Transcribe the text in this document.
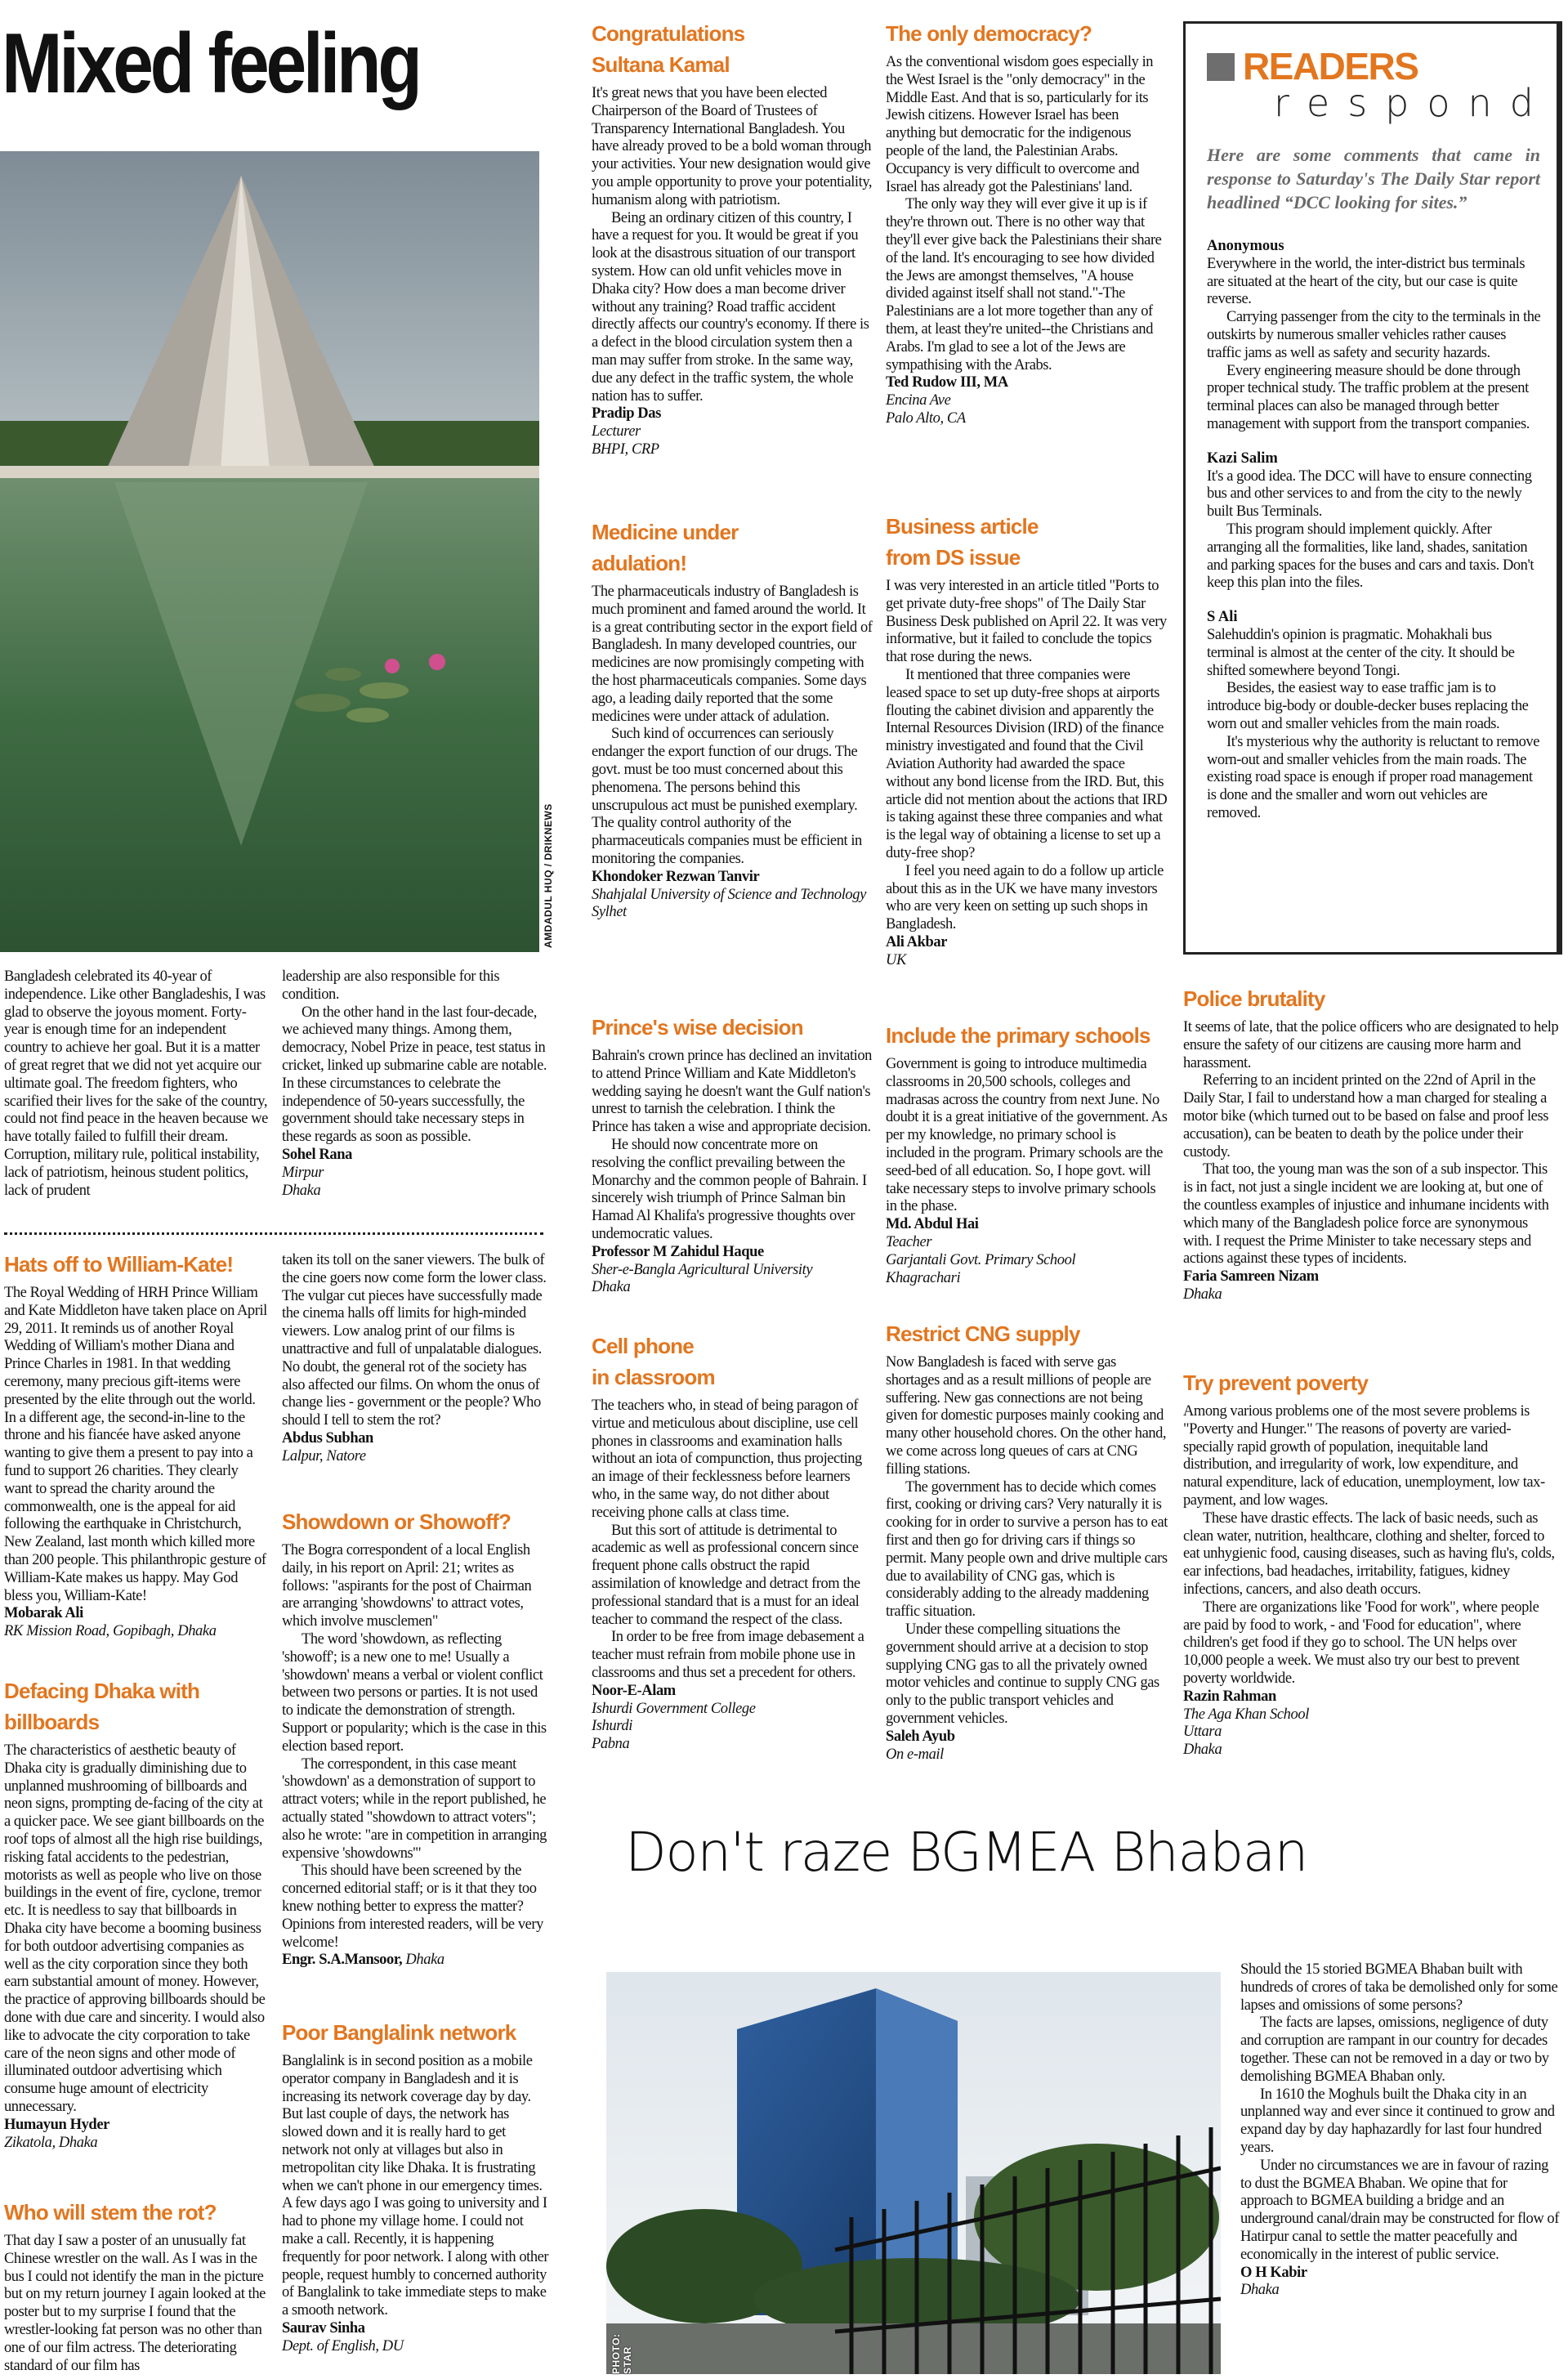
Mixed feeling
AMDADUL HUQ / DRIKNEWS

Bangladesh celebrated its 40-year of independence. Like other Bangladeshis, I was glad to observe the joyous moment. Forty-year is enough time for an independent country to achieve her goal. But it is a matter of great regret that we did not yet acquire our ultimate goal. The freedom fighters, who scarified their lives for the sake of the country, could not find peace in the heaven because we have totally failed to fulfill their dream. Corruption, military rule, political instability, lack of patriotism, heinous student politics, lack of prudent

leadership are also responsible for this condition.

On the other hand in the last four-decade, we achieved many things. Among them, democracy, Nobel Prize in peace, test status in cricket, linked up submarine cable are notable. In these circumstances to celebrate the independence of 50-years successfully, the government should take necessary steps in these regards as soon as possible.

Sohel Rana
Mirpur
Dhaka
Hats off to William-Kate!

The Royal Wedding of HRH Prince William and Kate Middleton have taken place on April 29, 2011. It reminds us of another Royal Wedding of William's mother Diana and Prince Charles in 1981. In that wedding ceremony, many precious gift-items were presented by the elite through out the world. In a different age, the second-in-line to the throne and his fiancée have asked anyone wanting to give them a present to pay into a fund to support 26 charities. They clearly want to spread the charity around the commonwealth, one is the appeal for aid following the earthquake in Christchurch, New Zealand, last month which killed more than 200 people. This philanthropic gesture of William-Kate makes us happy. May God bless you, William-Kate!

Mobarak Ali
RK Mission Road, Gopibagh, Dhaka
Defacing Dhaka with
billboards

The characteristics of aesthetic beauty of Dhaka city is gradually diminishing due to unplanned mushrooming of billboards and neon signs, prompting de-facing of the city at a quicker pace. We see giant billboards on the roof tops of almost all the high rise buildings, risking fatal accidents to the pedestrian, motorists as well as people who live on those buildings in the event of fire, cyclone, tremor etc. It is needless to say that billboards in Dhaka city have become a booming business for both outdoor advertising companies as well as the city corporation since they both earn substantial amount of money. However, the practice of approving billboards should be done with due care and sincerity. I would also like to advocate the city corporation to take care of the neon signs and other mode of illuminated outdoor advertising which consume huge amount of electricity unnecessary.

Humayun Hyder
Zikatola, Dhaka
Who will stem the rot?

That day I saw a poster of an unusually fat Chinese wrestler on the wall. As I was in the bus I could not identify the man in the picture but on my return journey I again looked at the poster but to my surprise I found that the wrestler-looking fat person was no other than one of our film actress. The deteriorating standard of our film has

taken its toll on the saner viewers. The bulk of the cine goers now come form the lower class. The vulgar cut pieces have successfully made the cinema halls off limits for high-minded viewers. Low analog print of our films is unattractive and full of unpalatable dialogues. No doubt, the general rot of the society has also affected our films. On whom the onus of change lies - government or the people? Who should I tell to stem the rot?

Abdus Subhan
Lalpur, Natore
Showdown or Showoff?

The Bogra correspondent of a local English daily, in his report on April: 21; writes as follows: "aspirants for the post of Chairman are arranging 'showdowns' to attract votes, which involve musclemen"

The word 'showdown, as reflecting 'showoff'; is a new one to me! Usually a 'showdown' means a verbal or violent conflict between two persons or parties. It is not used to indicate the demonstration of strength. Support or popularity; which is the case in this election based report.

The correspondent, in this case meant 'showdown' as a demonstration of support to attract voters; while in the report published, he actually stated "showdown to attract voters"; also he wrote: "are in competition in arranging expensive 'showdowns'"

This should have been screened by the concerned editorial staff; or is it that they too knew nothing better to express the matter? Opinions from interested readers, will be very welcome!

Engr. S.A.Mansoor, Dhaka
Poor Banglalink network

Banglalink is in second position as a mobile operator company in Bangladesh and it is increasing its network coverage day by day. But last couple of days, the network has slowed down and it is really hard to get network not only at villages but also in metropolitan city like Dhaka. It is frustrating when we can't phone in our emergency times. A few days ago I was going to university and I had to phone my village home. I could not make a call. Recently, it is happening frequently for poor network. I along with other people, request humbly to concerned authority of Banglalink to take immediate steps to make a smooth network.

Saurav Sinha
Dept. of English, DU
Congratulations
Sultana Kamal

It's great news that you have been elected Chairperson of the Board of Trustees of Transparency International Bangladesh. You have already proved to be a bold woman through your activities. Your new designation would give you ample opportunity to prove your potentiality, humanism along with patriotism.

Being an ordinary citizen of this country, I have a request for you. It would be great if you look at the disastrous situation of our transport system. How can old unfit vehicles move in Dhaka city? How does a man become driver without any training? Road traffic accident directly affects our country's economy. If there is a defect in the blood circulation system then a man may suffer from stroke. In the same way, due any defect in the traffic system, the whole nation has to suffer.

Pradip Das
Lecturer
BHPI, CRP
Medicine under
adulation!

The pharmaceuticals industry of Bangladesh is much prominent and famed around the world. It is a great contributing sector in the export field of Bangladesh. In many developed countries, our medicines are now promisingly competing with the host pharmaceuticals companies. Some days ago, a leading daily reported that the some medicines were under attack of adulation.

Such kind of occurrences can seriously endanger the export function of our drugs. The govt. must be too must concerned about this phenomena. The persons behind this unscrupulous act must be punished exemplary. The quality control authority of the pharmaceuticals companies must be efficient in monitoring the companies.

Khondoker Rezwan Tanvir
Shahjalal University of Science and Technology
Sylhet
Prince's wise decision

Bahrain's crown prince has declined an invitation to attend Prince William and Kate Middleton's wedding saying he doesn't want the Gulf nation's unrest to tarnish the celebration. I think the Prince has taken a wise and appropriate decision.

He should now concentrate more on resolving the conflict prevailing between the Monarchy and the common people of Bahrain. I sincerely wish triumph of Prince Salman bin Hamad Al Khalifa's progressive thoughts over undemocratic values.

Professor M Zahidul Haque
Sher-e-Bangla Agricultural University
Dhaka
Cell phone
in classroom

The teachers who, in stead of being paragon of virtue and meticulous about discipline, use cell phones in classrooms and examination halls without an iota of compunction, thus projecting an image of their fecklessness before learners who, in the same way, do not dither about receiving phone calls at class time.

But this sort of attitude is detrimental to academic as well as professional concern since frequent phone calls obstruct the rapid assimilation of knowledge and detract from the professional standard that is a must for an ideal teacher to command the respect of the class.

In order to be free from image debasement a teacher must refrain from mobile phone use in classrooms and thus set a precedent for others.

Noor-E-Alam
Ishurdi Government College
Ishurdi
Pabna
The only democracy?

As the conventional wisdom goes especially in the West Israel is the "only democracy" in the Middle East. And that is so, particularly for its Jewish citizens. However Israel has been anything but democratic for the indigenous people of the land, the Palestinian Arabs. Occupancy is very difficult to overcome and Israel has already got the Palestinians' land.

The only way they will ever give it up is if they're thrown out. There is no other way that they'll ever give back the Palestinians their share of the land. It's encouraging to see how divided the Jews are amongst themselves, "A house divided against itself shall not stand."-The Palestinians are a lot more together than any of them, at least they're united--the Christians and Arabs. I'm glad to see a lot of the Jews are sympathising with the Arabs.

Ted Rudow III, MA
Encina Ave
Palo Alto, CA
Business article
from DS issue

I was very interested in an article titled "Ports to get private duty-free shops" of The Daily Star Business Desk published on April 22. It was very informative, but it failed to conclude the topics that rose during the news.

It mentioned that three companies were leased space to set up duty-free shops at airports flouting the cabinet division and apparently the Internal Resources Division (IRD) of the finance ministry investigated and found that the Civil Aviation Authority had awarded the space without any bond license from the IRD. But, this article did not mention about the actions that IRD is taking against these three companies and what is the legal way of obtaining a license to set up a duty-free shop?

I feel you need again to do a follow up article about this as in the UK we have many investors who are very keen on setting up such shops in Bangladesh.

Ali Akbar
UK
Include the primary schools

Government is going to introduce multimedia classrooms in 20,500 schools, colleges and madrasas across the country from next June. No doubt it is a great initiative of the government. As per my knowledge, no primary school is included in the program. Primary schools are the seed-bed of all education. So, I hope govt. will take necessary steps to involve primary schools in the phase.

Md. Abdul Hai
Teacher
Garjantali Govt. Primary School
Khagrachari
Restrict CNG supply

Now Bangladesh is faced with serve gas shortages and as a result millions of people are suffering. New gas connections are not being given for domestic purposes mainly cooking and many other household chores. On the other hand, we come across long queues of cars at CNG filling stations.

The government has to decide which comes first, cooking or driving cars? Very naturally it is cooking for in order to survive a person has to eat first and then go for driving cars if things so permit. Many people own and drive multiple cars due to availability of CNG gas, which is considerably adding to the already maddening traffic situation.

Under these compelling situations the government should arrive at a decision to stop supplying CNG gas to all the privately owned motor vehicles and continue to supply CNG gas only to the public transport vehicles and government vehicles.

Saleh Ayub
On e-mail
READERS
respond
Here are some comments that came in response to Saturday's The Daily Star report headlined “DCC looking for sites.”
Anonymous

Everywhere in the world, the inter-district bus terminals are situated at the heart of the city, but our case is quite reverse.

Carrying passenger from the city to the terminals in the outskirts by numerous smaller vehicles rather causes traffic jams as well as safety and security hazards.

Every engineering measure should be done through proper technical study. The traffic problem at the present terminal places can also be managed through better management with support from the transport companies.

Kazi Salim

It's a good idea. The DCC will have to ensure connecting bus and other services to and from the city to the newly built Bus Terminals.

This program should implement quickly. After arranging all the formalities, like land, shades, sanitation and parking spaces for the buses and cars and taxis. Don't keep this plan into the files.

S Ali

Salehuddin's opinion is pragmatic. Mohakhali bus terminal is almost at the center of the city. It should be shifted somewhere beyond Tongi.

Besides, the easiest way to ease traffic jam is to introduce big-body or double-decker buses replacing the worn out and smaller vehicles from the main roads.

It's mysterious why the authority is reluctant to remove worn-out and smaller vehicles from the main roads. The existing road space is enough if proper road management is done and the smaller and worn out vehicles are removed.

Police brutality

It seems of late, that the police officers who are designated to help ensure the safety of our citizens are causing more harm and harassment.

Referring to an incident printed on the 22nd of April in the Daily Star, I fail to understand how a man charged for stealing a motor bike (which turned out to be based on false and proof less accusation), can be beaten to death by the police under their custody.

That too, the young man was the son of a sub inspector. This is in fact, not just a single incident we are looking at, but one of the countless examples of injustice and inhumane incidents with which many of the Bangladesh police force are synonymous with. I request the Prime Minister to take necessary steps and actions against these types of incidents.

Faria Samreen Nizam
Dhaka
Try prevent poverty

Among various problems one of the most severe problems is "Poverty and Hunger." The reasons of poverty are varied-specially rapid growth of population, inequitable land distribution, and irregularity of work, low expenditure, and natural expenditure, lack of education, unemployment, low tax-payment, and low wages.

These have drastic effects. The lack of basic needs, such as clean water, nutrition, healthcare, clothing and shelter, forced to eat unhygienic food, causing diseases, such as having flu's, colds, ear infections, bad headaches, irritability, fatigues, kidney infections, cancers, and also death occurs.

There are organizations like 'Food for work", where people are paid by food to work, - and 'Food for education", where children's get food if they go to school. The UN helps over 10,000 people a week. We must also try our best to prevent poverty worldwide.

Razin Rahman
The Aga Khan School
Uttara
Dhaka
Don't raze BGMEA Bhaban
PHOTO: STAR

Should the 15 storied BGMEA Bhaban built with hundreds of crores of taka be demolished only for some lapses and omissions of some persons?

The facts are lapses, omissions, negligence of duty and corruption are rampant in our country for decades together. These can not be removed in a day or two by demolishing BGMEA Bhaban only.

In 1610 the Moghuls built the Dhaka city in an unplanned way and ever since it continued to grow and expand day by day haphazardly for last four hundred years.

Under no circumstances we are in favour of razing to dust the BGMEA Bhaban. We opine that for approach to BGMEA building a bridge and an underground canal/drain may be constructed for flow of Hatirpur canal to settle the matter peacefully and economically in the interest of public service.

O H Kabir
Dhaka
